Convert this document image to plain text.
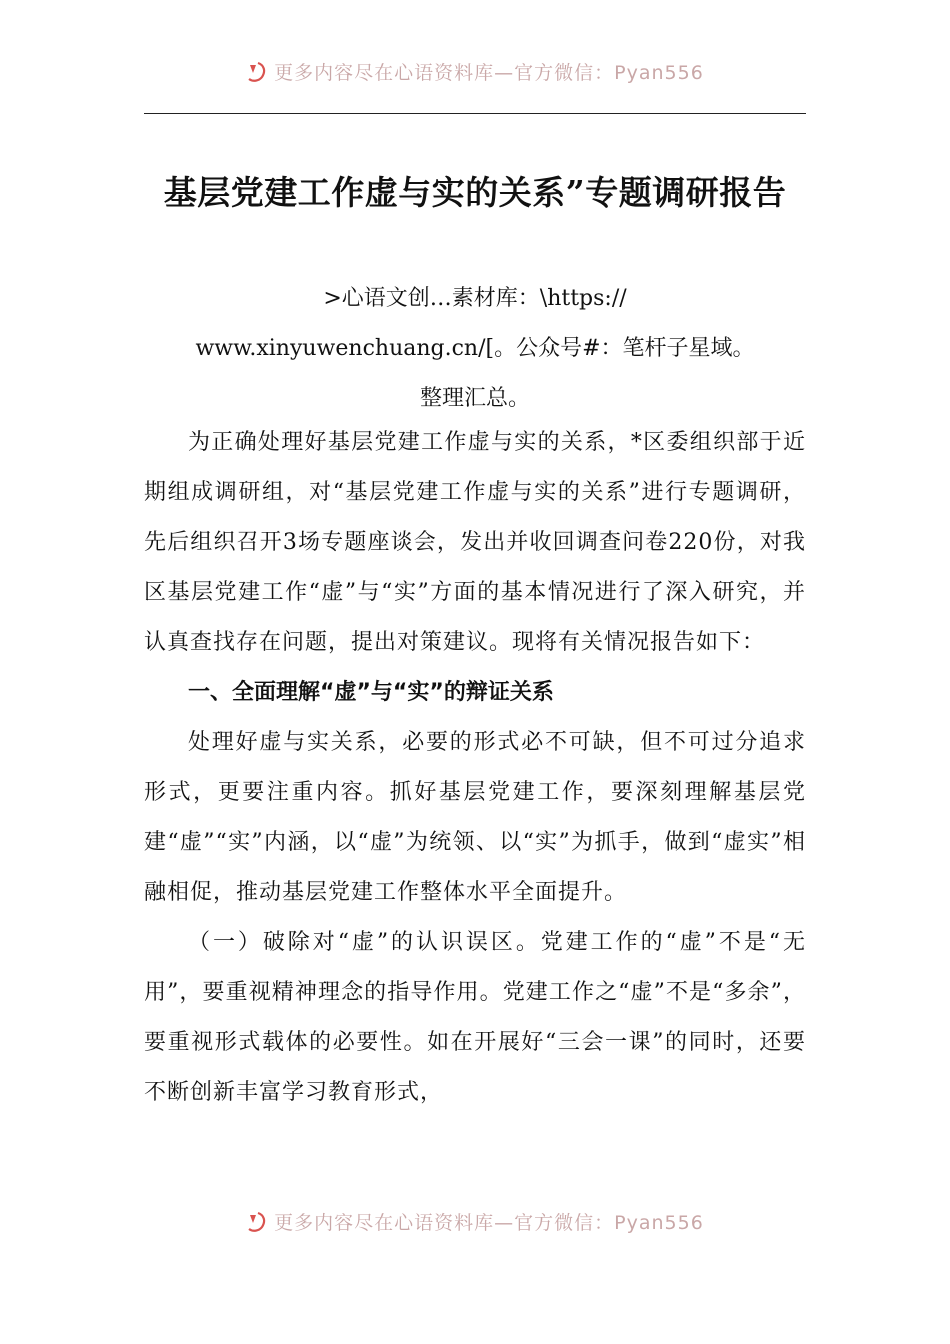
更多内容尽在心语资料库—官方微信：Pyan556
基层党建工作虚与实的关系”专题调研报告
>心语文创…素材库：\https://
www.xinyuwenchuang.cn/[。公众号#：笔杆子星域。
整理汇总。

为正确处理好基层党建工作虚与实的关系，*区委组织部于近期组成调研组，对“基层党建工作虚与实的关系”进行专题调研，先后组织召开3场专题座谈会，发出并收回调查问卷220份，对我区基层党建工作“虚”与“实”方面的基本情况进行了深入研究，并认真查找存在问题，提出对策建议。现将有关情况报告如下：

一、全面理解“虚”与“实”的辩证关系

处理好虚与实关系，必要的形式必不可缺，但不可过分追求形式，更要注重内容。抓好基层党建工作，要深刻理解基层党建“虚”“实”内涵，以“虚”为统领、以“实”为抓手，做到“虚实”相融相促，推动基层党建工作整体水平全面提升。

（一）破除对“虚”的认识误区。党建工作的“虚”不是“无用”，要重视精神理念的指导作用。党建工作之“虚”不是“多余”，要重视形式载体的必要性。如在开展好“三会一课”的同时，还要不断创新丰富学习教育形式，

更多内容尽在心语资料库—官方微信：Pyan556
